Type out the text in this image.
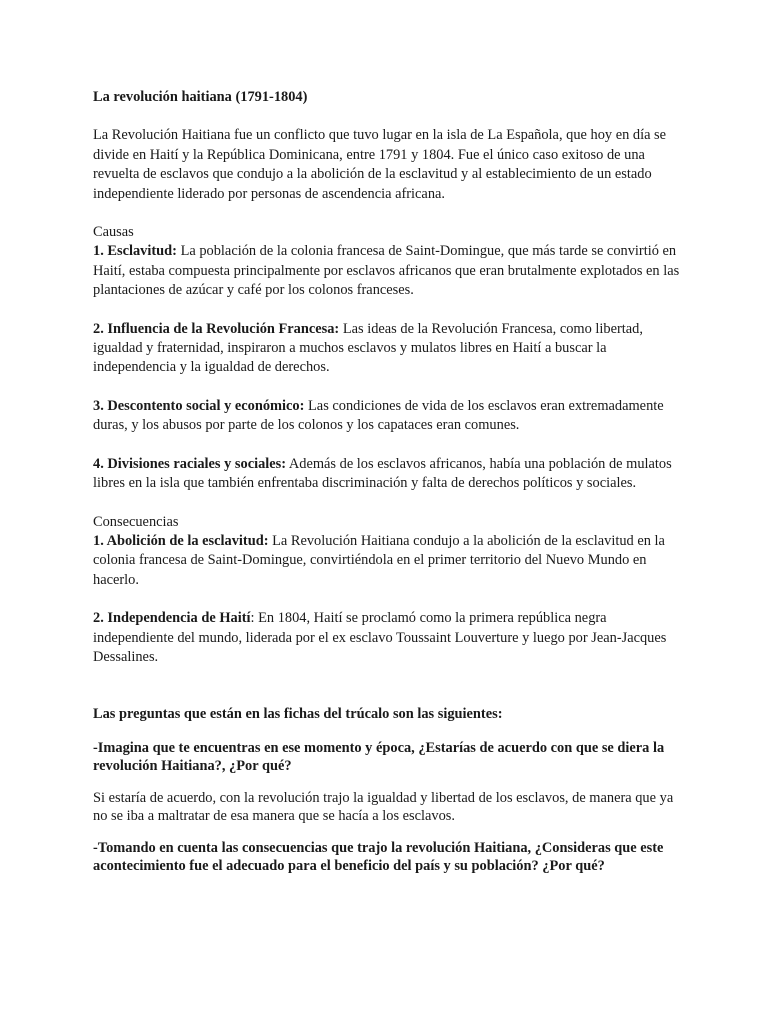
La revolución haitiana (1791-1804)

La Revolución Haitiana fue un conflicto que tuvo lugar en la isla de La Española, que hoy en día se divide en Haití y la República Dominicana, entre 1791 y 1804. Fue el único caso exitoso de una revuelta de esclavos que condujo a la abolición de la esclavitud y al establecimiento de un estado independiente liderado por personas de ascendencia africana.

Causas

1. Esclavitud: La población de la colonia francesa de Saint-Domingue, que más tarde se convirtió en Haití, estaba compuesta principalmente por esclavos africanos que eran brutalmente explotados en las plantaciones de azúcar y café por los colonos franceses.

2. Influencia de la Revolución Francesa: Las ideas de la Revolución Francesa, como libertad, igualdad y fraternidad, inspiraron a muchos esclavos y mulatos libres en Haití a buscar la independencia y la igualdad de derechos.

3. Descontento social y económico: Las condiciones de vida de los esclavos eran extremadamente duras, y los abusos por parte de los colonos y los capataces eran comunes.

4. Divisiones raciales y sociales: Además de los esclavos africanos, había una población de mulatos libres en la isla que también enfrentaba discriminación y falta de derechos políticos y sociales.

Consecuencias

1. Abolición de la esclavitud: La Revolución Haitiana condujo a la abolición de la esclavitud en la colonia francesa de Saint-Domingue, convirtiéndola en el primer territorio del Nuevo Mundo en hacerlo.

2. Independencia de Haití: En 1804, Haití se proclamó como la primera república negra independiente del mundo, liderada por el ex esclavo Toussaint Louverture y luego por Jean-Jacques Dessalines.

Las preguntas que están en las fichas del trúcalo son las siguientes:

-Imagina que te encuentras en ese momento y época, ¿Estarías de acuerdo con que se diera la revolución Haitiana?, ¿Por qué?

Si estaría de acuerdo, con la revolución trajo la igualdad y libertad de los esclavos, de manera que ya no se iba a maltratar de esa manera que se hacía a los esclavos.

-Tomando en cuenta las consecuencias que trajo la revolución Haitiana, ¿Consideras que este acontecimiento fue el adecuado para el beneficio del país y su población? ¿Por qué?
